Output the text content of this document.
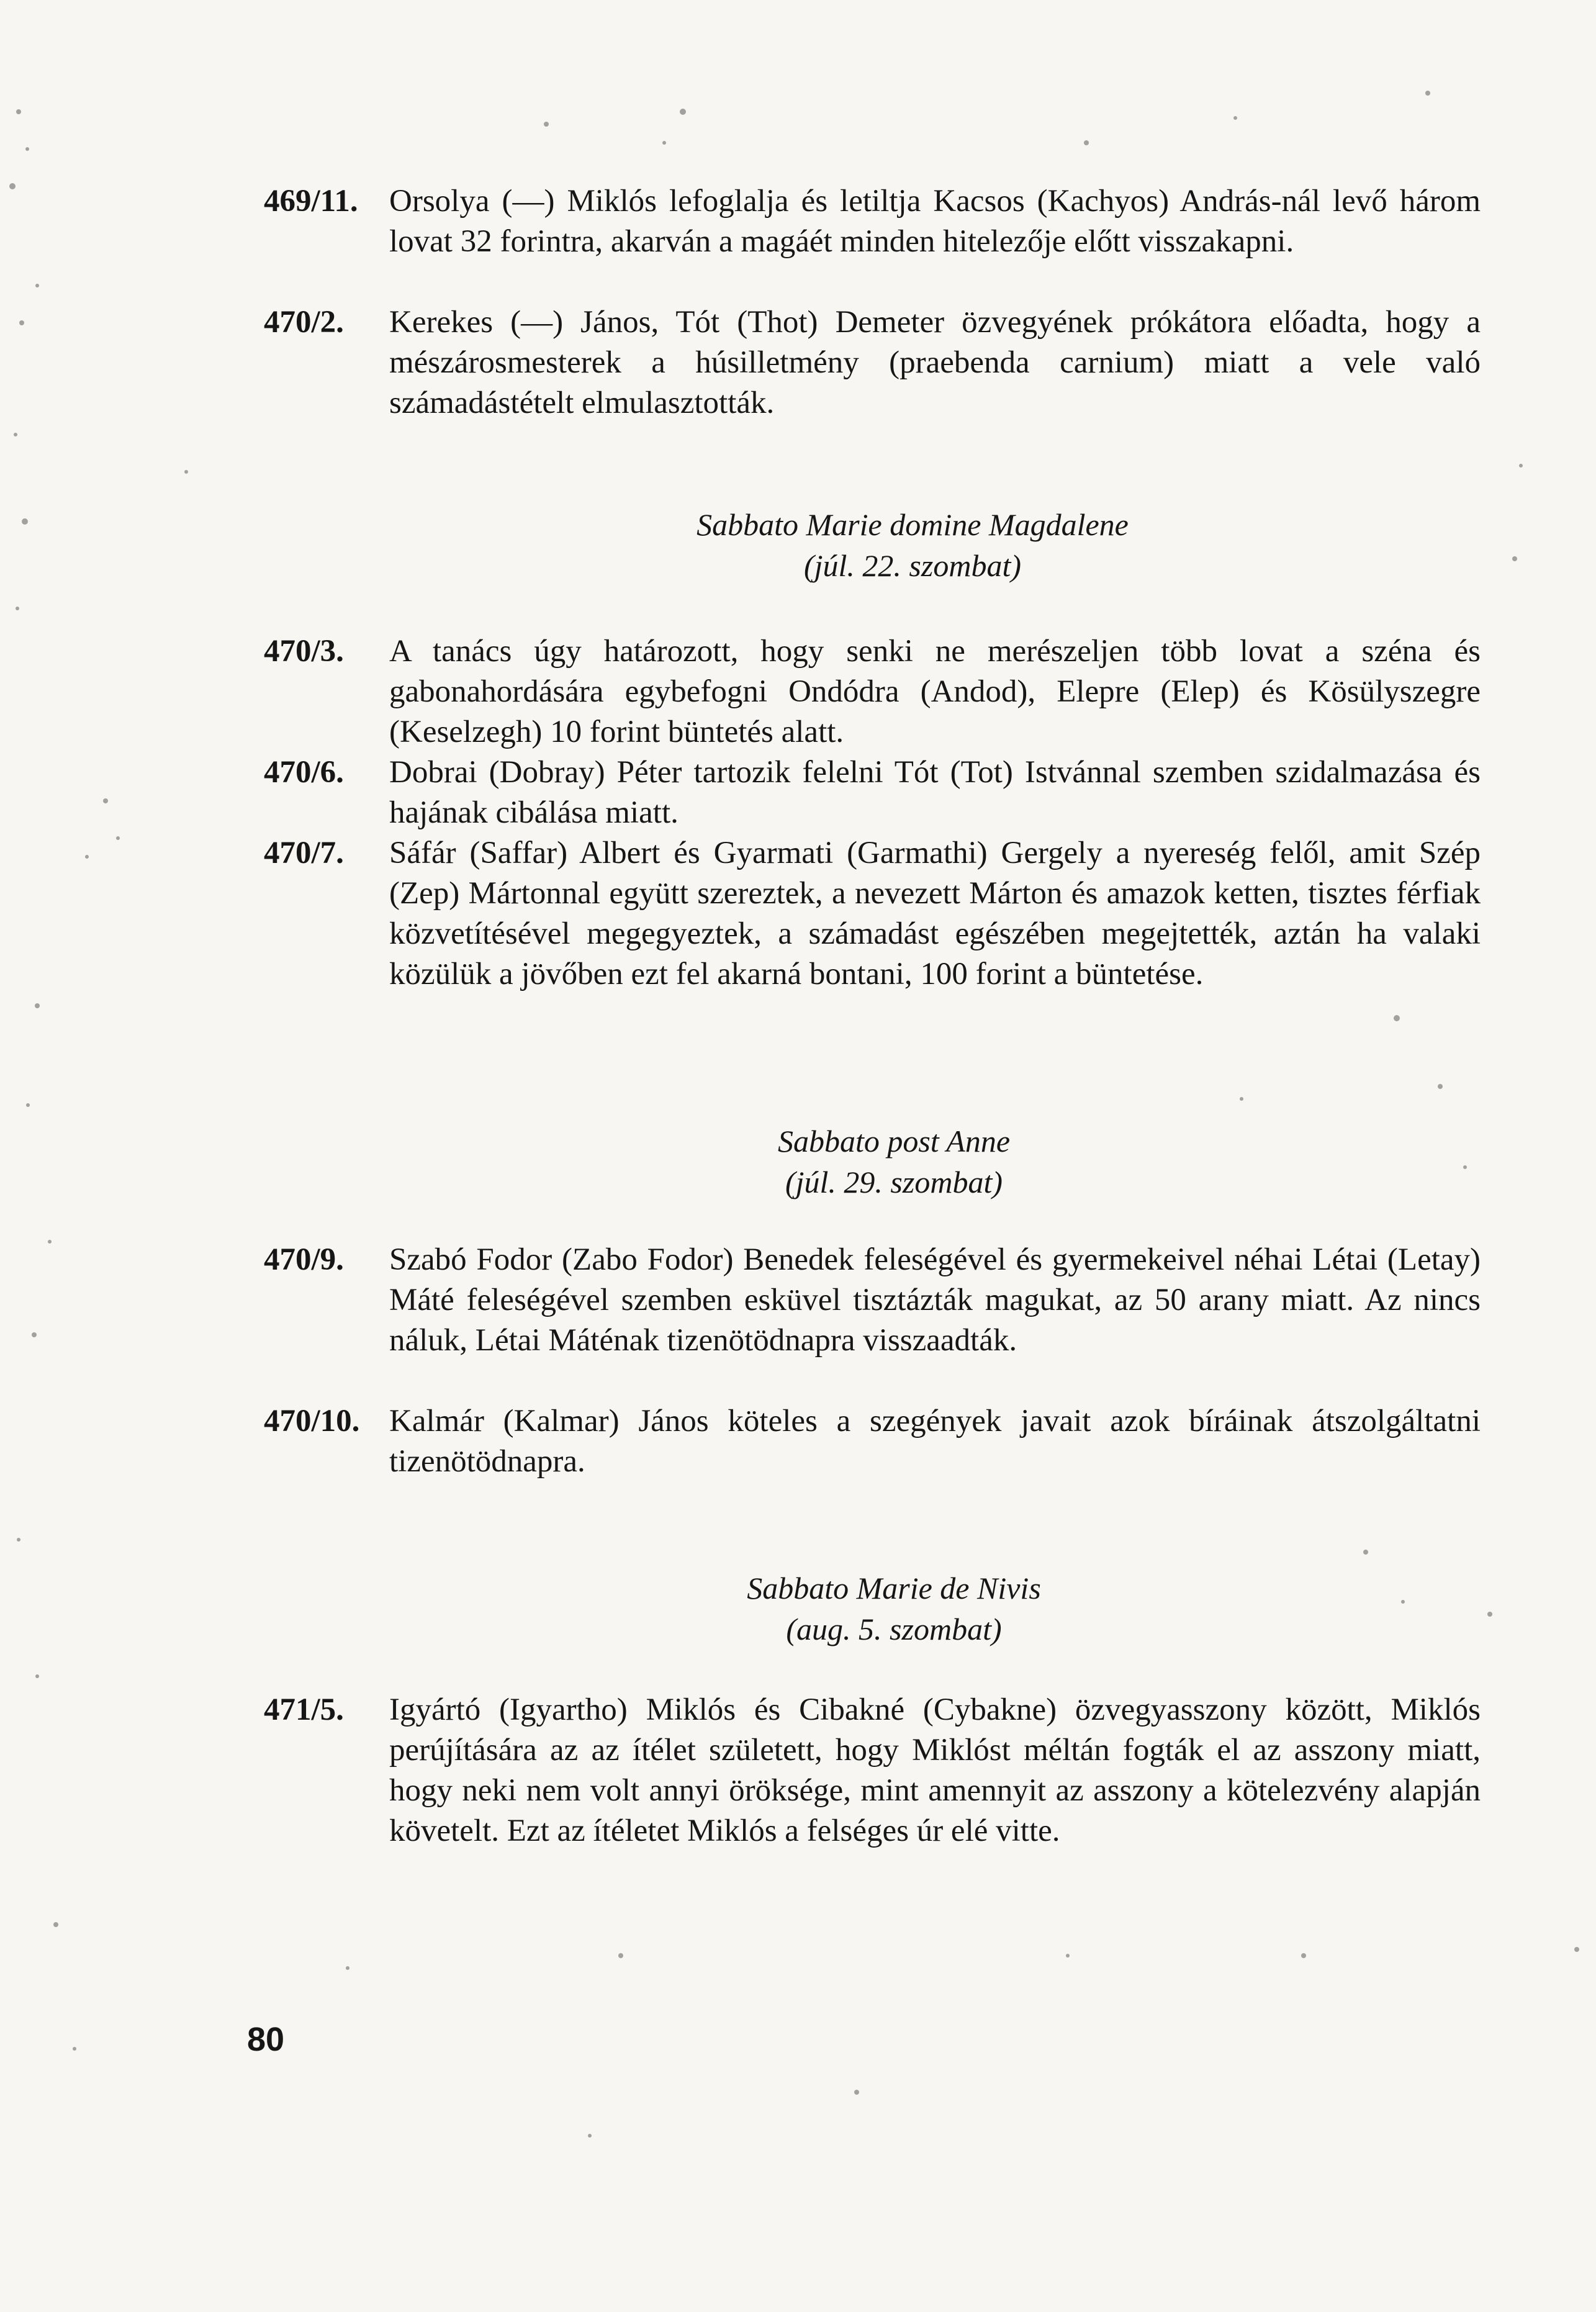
469/11. Orsolya (—) Miklós lefoglalja és letiltja Kacsos (Kachyos) András-nál levő három lovat 32 forintra, akarván a magáét minden hitelezője előtt visszakapni.
470/2. Kerekes (—) János, Tót (Thot) Demeter özvegyének prókátora előadta, hogy a mészárosmesterek a húsilletmény (praebenda carnium) miatt a vele való számadástételt elmulasztották.
Sabbato Marie domine Magdalene
(júl. 22. szombat)
470/3. A tanács úgy határozott, hogy senki ne merészeljen több lovat a széna és gabonahordására egybefogni Ondódra (Andod), Elepre (Elep) és Kösülyszegre (Keselzegh) 10 forint büntetés alatt.
470/6. Dobrai (Dobray) Péter tartozik felelni Tót (Tot) Istvánnal szemben szidalmazása és hajának cibálása miatt.
470/7. Sáfár (Saffar) Albert és Gyarmati (Garmathi) Gergely a nyereség felől, amit Szép (Zep) Mártonnal együtt szereztek, a nevezett Márton és amazok ketten, tisztes férfiak közvetítésével megegyeztek, a számadást egészében megejtették, aztán ha valaki közülük a jövőben ezt fel akarná bontani, 100 forint a büntetése.
Sabbato post Anne
(júl. 29. szombat)
470/9. Szabó Fodor (Zabo Fodor) Benedek feleségével és gyermekeivel néhai Létai (Letay) Máté feleségével szemben esküvel tisztázták magukat, az 50 arany miatt. Az nincs náluk, Létai Máténak tizenötödnapra visszaadták.
470/10. Kalmár (Kalmar) János köteles a szegények javait azok bíráinak átszolgáltatni tizenötödnapra.
Sabbato Marie de Nivis
(aug. 5. szombat)
471/5. Igyártó (Igyartho) Miklós és Cibakné (Cybakne) özvegyasszony között, Miklós perújítására az az ítélet született, hogy Miklóst méltán fogták el az asszony miatt, hogy neki nem volt annyi öröksége, mint amennyit az asszony a kötelezvény alapján követelt. Ezt az ítéletet Miklós a felséges úr elé vitte.
80
